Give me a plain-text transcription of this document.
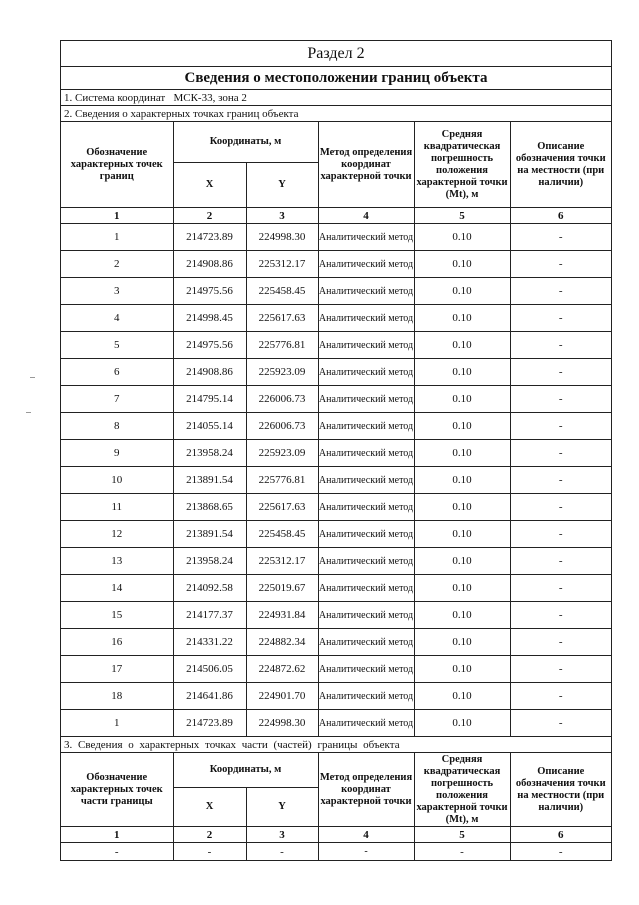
Раздел 2
Сведения о местоположении границ объекта
1. Система координат   МСК-33, зона 2
2. Сведения о характерных точках границ объекта
Обозначение характерных точек границ	Координаты, м		Метод определения координат характерной точки	Средняя квадратическая погрешность положения характерной точки (Mt), м	Описание обозначения точки на местности (при наличии)
	X	Y			
1	2	3	4	5	6
1	214723.89	224998.30	Аналитический метод	0.10	-
2	214908.86	225312.17	Аналитический метод	0.10	-
3	214975.56	225458.45	Аналитический метод	0.10	-
4	214998.45	225617.63	Аналитический метод	0.10	-
5	214975.56	225776.81	Аналитический метод	0.10	-
6	214908.86	225923.09	Аналитический метод	0.10	-
7	214795.14	226006.73	Аналитический метод	0.10	-
8	214055.14	226006.73	Аналитический метод	0.10	-
9	213958.24	225923.09	Аналитический метод	0.10	-
10	213891.54	225776.81	Аналитический метод	0.10	-
11	213868.65	225617.63	Аналитический метод	0.10	-
12	213891.54	225458.45	Аналитический метод	0.10	-
13	213958.24	225312.17	Аналитический метод	0.10	-
14	214092.58	225019.67	Аналитический метод	0.10	-
15	214177.37	224931.84	Аналитический метод	0.10	-
16	214331.22	224882.34	Аналитический метод	0.10	-
17	214506.05	224872.62	Аналитический метод	0.10	-
18	214641.86	224901.70	Аналитический метод	0.10	-
1	214723.89	224998.30	Аналитический метод	0.10	-
3. Сведения о характерных точках части (частей) границы объекта
Обозначение характерных точек части границы	Координаты, м		Метод определения координат характерной точки	Средняя квадратическая погрешность положения характерной точки (Mt), м	Описание обозначения точки на местности (при наличии)
	X	Y			
1	2	3	4	5	6
-	-	-	-	-	-
